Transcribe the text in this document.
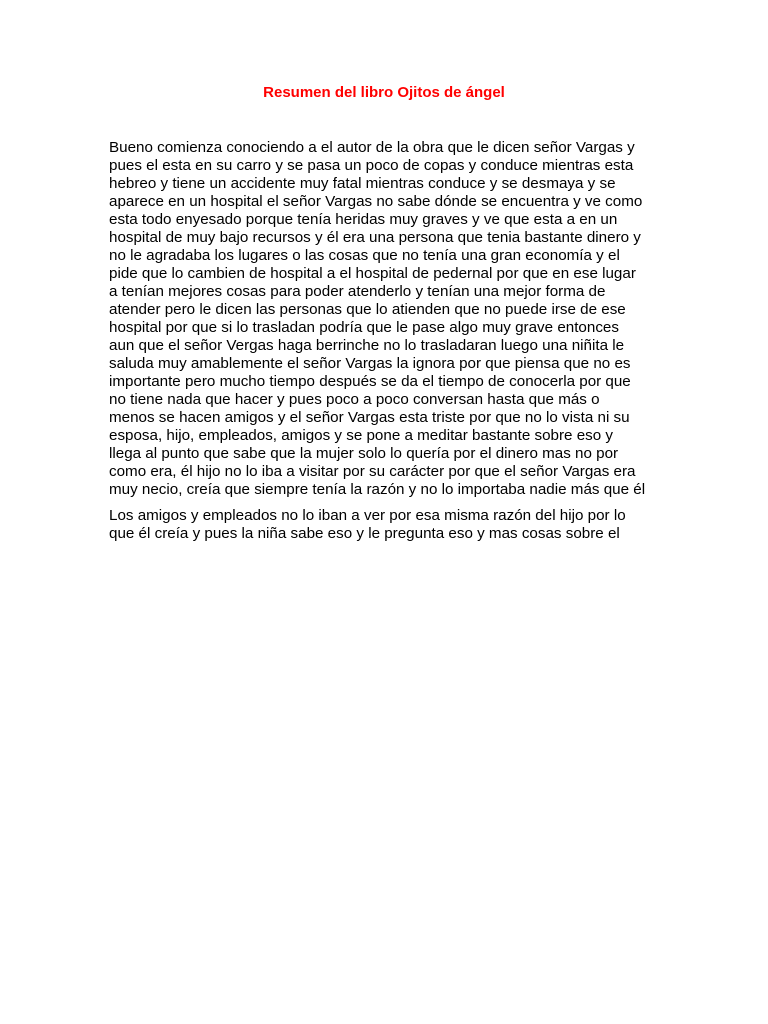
Resumen del libro Ojitos de ángel
Bueno comienza conociendo a el autor de la obra que le dicen señor Vargas y
pues el esta en su carro y se pasa un poco de copas y conduce mientras esta
hebreo y tiene un accidente muy fatal mientras conduce y se desmaya y se
aparece en un hospital el señor Vargas no sabe dónde se encuentra y ve como
esta todo enyesado porque tenía heridas muy graves y ve que esta a en un
hospital de muy bajo recursos y él era una persona que tenia bastante dinero y
no le agradaba los lugares o las cosas que no tenía una gran economía y el
pide que lo cambien de hospital a el hospital de pedernal por que en ese lugar
a tenían mejores cosas para poder atenderlo y tenían una mejor forma de
atender pero le dicen las personas que lo atienden que no puede irse de ese
hospital por que si lo trasladan podría que le pase algo muy grave entonces
aun que el señor Vergas haga berrinche no lo trasladaran luego una niñita le
saluda muy amablemente el señor Vargas la ignora por que piensa que no es
importante pero mucho tiempo después se da el tiempo de conocerla por que
no tiene nada que hacer y pues poco a poco conversan hasta que más o
menos se hacen amigos y el señor Vargas esta triste por que no lo vista ni su
esposa, hijo, empleados, amigos y se pone a meditar bastante sobre eso y
llega al punto que sabe que la mujer solo lo quería por el dinero mas no por
como era, él hijo no lo iba a visitar por su carácter por que el señor Vargas era
muy necio, creía que siempre tenía la razón y no lo importaba nadie más que él
Los amigos y empleados no lo iban a ver por esa misma razón del hijo por lo
que él creía y pues la niña sabe eso y le pregunta eso y mas cosas sobre el
